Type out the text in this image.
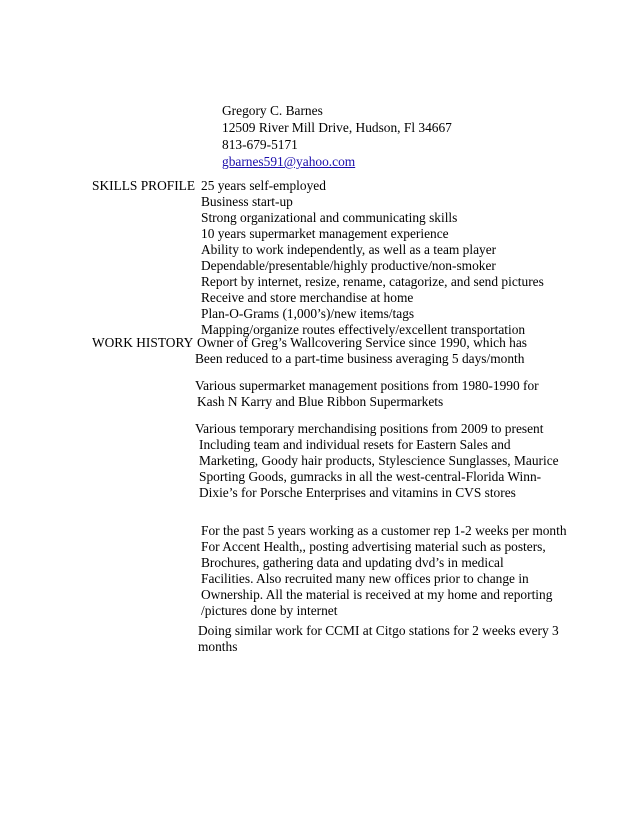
Gregory C. Barnes
12509 River Mill Drive, Hudson, Fl 34667
813-679-5171
gbarnes591@yahoo.com
SKILLS PROFILE 25 years self-employed
Business start-up
Strong organizational and communicating skills
10 years supermarket management experience
Ability to work independently, as well as a team player
Dependable/presentable/highly productive/non-smoker
Report by internet, resize, rename, catagorize, and send pictures
Receive and store merchandise at home
Plan-O-Grams (1,000’s)/new items/tags
Mapping/organize routes effectively/excellent transportation
WORK HISTORY Owner of Greg’s Wallcovering Service since 1990, which has
Been reduced to a part-time business averaging 5 days/month
Various supermarket management positions from 1980-1990 for
Kash N Karry and Blue Ribbon Supermarkets
Various temporary merchandising positions from 2009 to present
Including team and individual resets for Eastern Sales and
Marketing, Goody hair products, Stylescience Sunglasses, Maurice
Sporting Goods, gumracks in all the west-central-Florida Winn-
Dixie’s for Porsche Enterprises and vitamins in CVS stores
For the past 5 years working as a customer rep 1-2 weeks per month
For Accent Health,, posting advertising material such as posters,
Brochures, gathering data and updating dvd’s in medical
Facilities. Also recruited many new offices prior to change in
Ownership. All the material is received at my home and reporting
/pictures done by internet
Doing similar work for CCMI at Citgo stations for 2 weeks every 3
months
